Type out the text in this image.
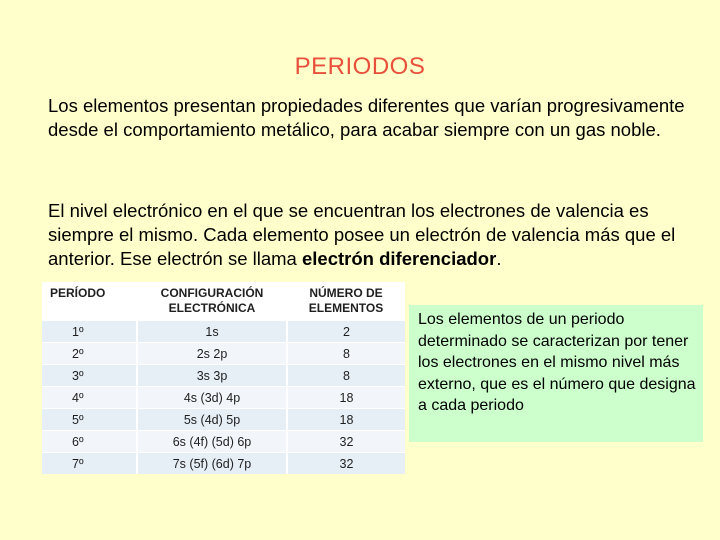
PERIODOS
Los elementos presentan propiedades diferentes que varían progresivamente desde el comportamiento metálico, para acabar siempre con un gas noble.
El nivel electrónico en el que se encuentran los electrones de valencia es siempre el mismo. Cada elemento posee un electrón de valencia más que el anterior. Ese electrón se llama electrón diferenciador.
PERÍODO	CONFIGURACIÓN ELECTRÓNICA	NÚMERO DE ELEMENTOS
1º	1s	2
2º	2s 2p	8
3º	3s 3p	8
4º	4s (3d) 4p	18
5º	5s (4d) 5p	18
6º	6s (4f) (5d) 6p	32
7º	7s (5f) (6d) 7p	32
Los elementos de un periodo determinado se caracterizan por tener los electrones en el mismo nivel más externo, que es el número que designa a cada periodo
